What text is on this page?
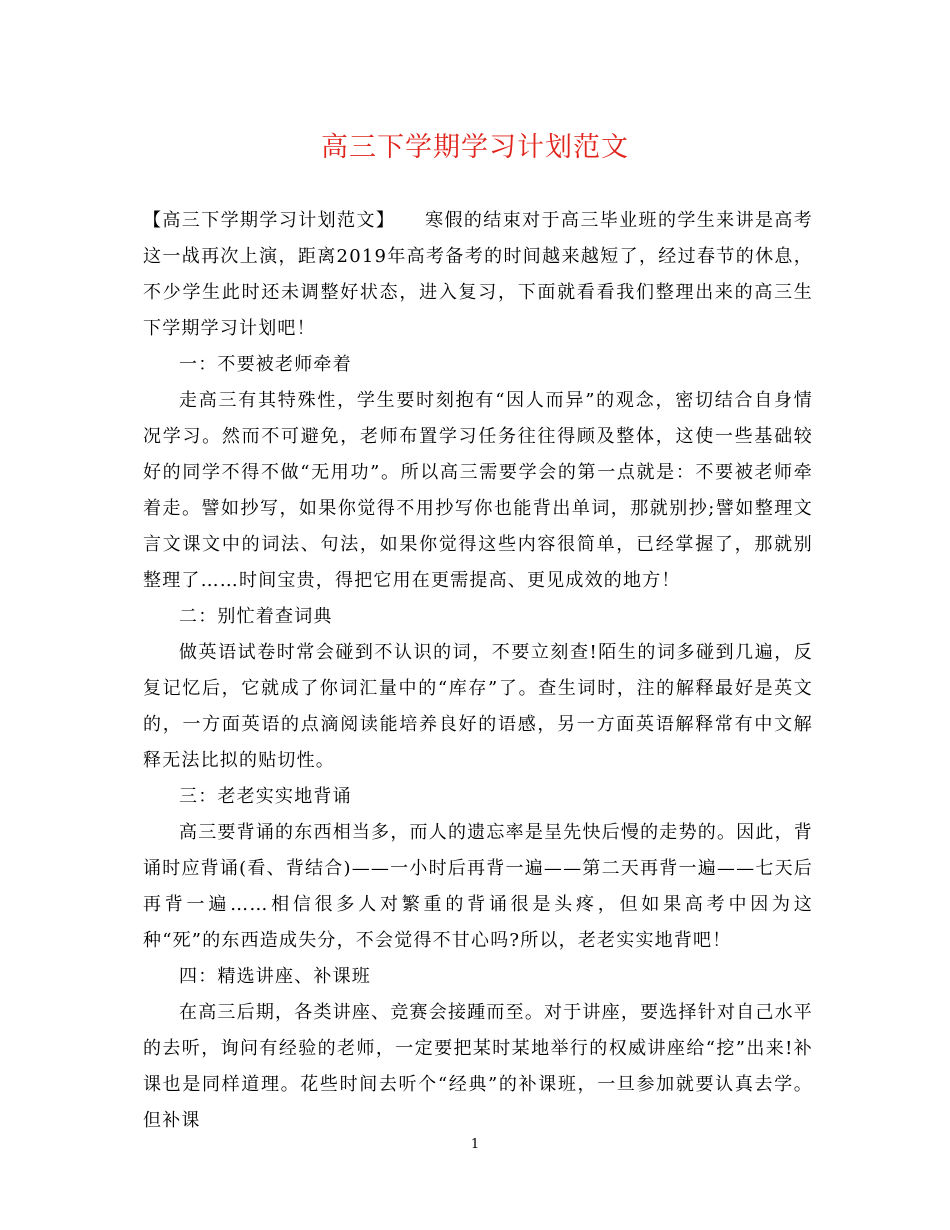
高三下学期学习计划范文

【高三下学期学习计划范文】　　寒假的结束对于高三毕业班的学生来讲是高考这一战再次上演，距离2019年高考备考的时间越来越短了，经过春节的休息，不少学生此时还未调整好状态，进入复习，下面就看看我们整理出来的高三生下学期学习计划吧！

一：不要被老师牵着

走高三有其特殊性，学生要时刻抱有“因人而异”的观念，密切结合自身情况学习。然而不可避免，老师布置学习任务往往得顾及整体，这使一些基础较好的同学不得不做“无用功”。所以高三需要学会的第一点就是：不要被老师牵着走。譬如抄写，如果你觉得不用抄写你也能背出单词，那就别抄;譬如整理文言文课文中的词法、句法，如果你觉得这些内容很简单，已经掌握了，那就别整理了……时间宝贵，得把它用在更需提高、更见成效的地方！

二：别忙着查词典

做英语试卷时常会碰到不认识的词，不要立刻查!陌生的词多碰到几遍，反复记忆后，它就成了你词汇量中的“库存”了。查生词时，注的解释最好是英文的，一方面英语的点滴阅读能培养良好的语感，另一方面英语解释常有中文解释无法比拟的贴切性。

三：老老实实地背诵

高三要背诵的东西相当多，而人的遗忘率是呈先快后慢的走势的。因此，背诵时应背诵(看、背结合)——一小时后再背一遍——第二天再背一遍——七天后再背一遍……相信很多人对繁重的背诵很是头疼，但如果高考中因为这种“死”的东西造成失分，不会觉得不甘心吗?所以，老老实实地背吧！

四：精选讲座、补课班

在高三后期，各类讲座、竞赛会接踵而至。对于讲座，要选择针对自己水平的去听，询问有经验的老师，一定要把某时某地举行的权威讲座给“挖”出来!补课也是同样道理。花些时间去听个“经典”的补课班，一旦参加就要认真去学。但补课

1
